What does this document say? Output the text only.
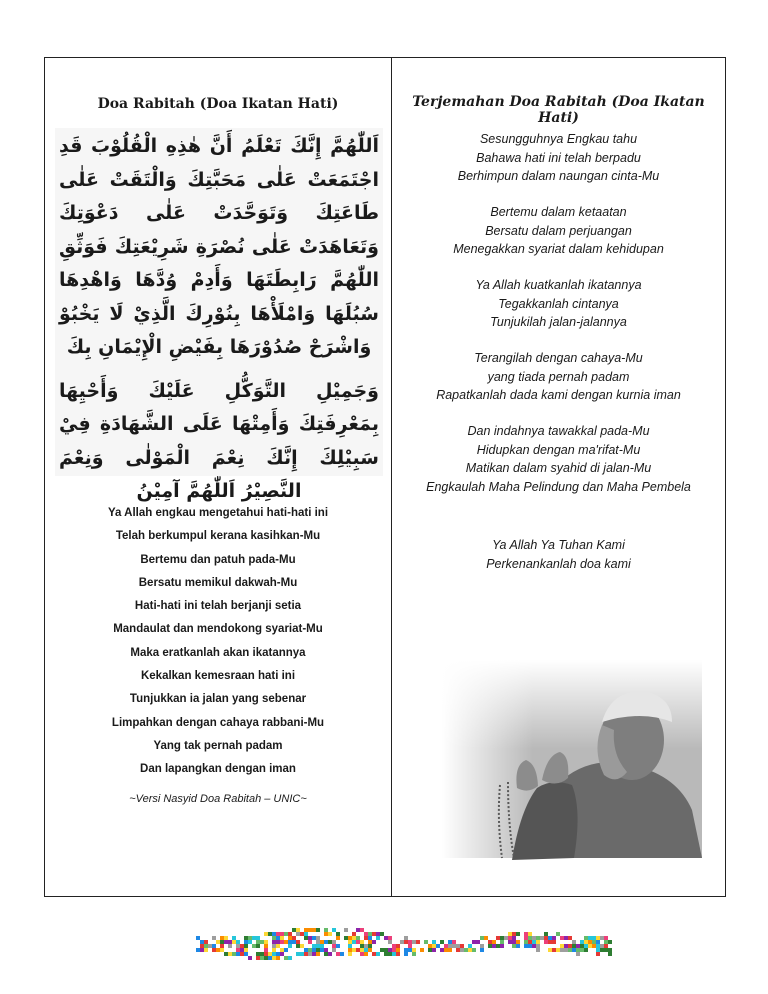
Doa Rabitah (Doa Ikatan Hati)

اَللّٰهُمَّ إِنَّكَ تَعْلَمُ أَنَّ هٰذِهِ الْقُلُوْبَ قَدِ اجْتَمَعَتْ عَلٰى مَحَبَّتِكَ وَالْتَقَتْ عَلٰى طَاعَتِكَ وَتَوَحَّدَتْ عَلٰى دَعْوَتِكَ وَتَعَاهَدَتْ عَلٰى نُصْرَةِ شَرِيْعَتِكَ فَوَثِّقِ اللّٰهُمَّ رَابِطَتَهَا وَأَدِمْ وُدَّهَا وَاهْدِهَا سُبُلَهَا وَامْلَأْهَا بِنُوْرِكَ الَّذِيْ لَا يَخْبُوْ وَاشْرَحْ صُدُوْرَهَا بِفَيْضِ الْإِيْمَانِ بِكَ

وَجَمِيْلِ التَّوَكُّلِ عَلَيْكَ وَأَحْيِهَا بِمَعْرِفَتِكَ وَأَمِتْهَا عَلَى الشَّهَادَةِ فِيْ سَبِيْلِكَ إِنَّكَ نِعْمَ الْمَوْلٰى وَنِعْمَ النَّصِيْرُ اَللّٰهُمَّ آمِيْنُ

Ya Allah engkau mengetahui hati-hati ini
Telah berkumpul kerana kasihkan-Mu
Bertemu dan patuh pada-Mu
Bersatu memikul dakwah-Mu
Hati-hati ini telah berjanji setia
Mandaulat dan mendokong syariat-Mu
Maka eratkanlah akan ikatannya
Kekalkan kemesraan hati ini
Tunjukkan ia jalan yang sebenar
Limpahkan dengan cahaya rabbani-Mu
Yang tak pernah padam
Dan lapangkan dengan iman
~Versi Nasyid Doa Rabitah – UNIC~
Terjemahan Doa Rabitah (Doa Ikatan Hati)
Sesungguhnya Engkau tahu
Bahawa hati ini telah berpadu
Berhimpun dalam naungan cinta-Mu
Bertemu dalam ketaatan
Bersatu dalam perjuangan
Menegakkan syariat dalam kehidupan
Ya Allah kuatkanlah ikatannya
Tegakkanlah cintanya
Tunjukilah jalan-jalannya
Terangilah dengan cahaya-Mu
yang tiada pernah padam
Rapatkanlah dada kami dengan kurnia iman
Dan indahnya tawakkal pada-Mu
Hidupkan dengan ma'rifat-Mu
Matikan dalam syahid di jalan-Mu
Engkaulah Maha Pelindung dan Maha Pembela
Ya Allah Ya Tuhan Kami
Perkenankanlah doa kami
